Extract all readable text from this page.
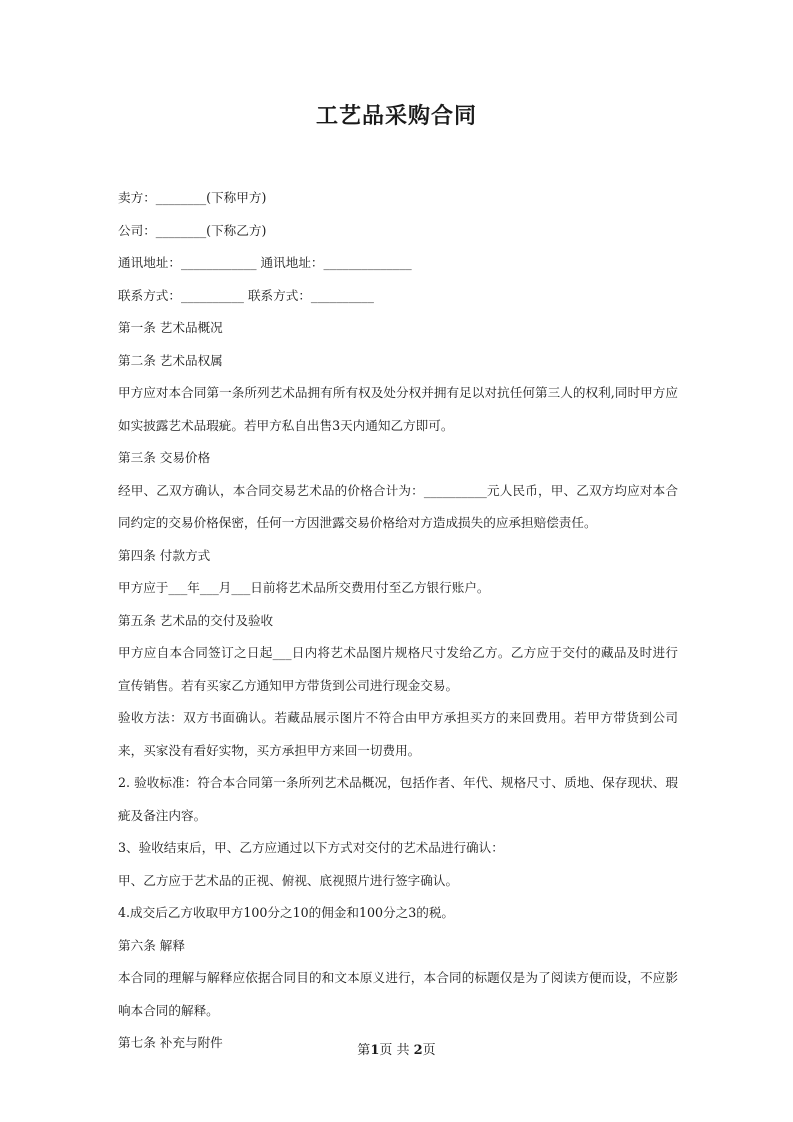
工艺品采购合同

卖方：________(下称甲方)

公司：________(下称乙方)

通讯地址：____________ 通讯地址：______________

联系方式：__________ 联系方式：__________

第一条 艺术品概况

第二条 艺术品权属

甲方应对本合同第一条所列艺术品拥有所有权及处分权并拥有足以对抗任何第三人的权利,同时甲方应如实披露艺术品瑕疵。若甲方私自出售3天内通知乙方即可。

第三条 交易价格

经甲、乙双方确认，本合同交易艺术品的价格合计为：__________元人民币，甲、乙双方均应对本合同约定的交易价格保密，任何一方因泄露交易价格给对方造成损失的应承担赔偿责任。

第四条 付款方式

甲方应于___年___月___日前将艺术品所交费用付至乙方银行账户。

第五条 艺术品的交付及验收

甲方应自本合同签订之日起___日内将艺术品图片规格尺寸发给乙方。乙方应于交付的藏品及时进行宣传销售。若有买家乙方通知甲方带货到公司进行现金交易。

验收方法：双方书面确认。若藏品展示图片不符合由甲方承担买方的来回费用。若甲方带货到公司来，买家没有看好实物，买方承担甲方来回一切费用。

2. 验收标准：符合本合同第一条所列艺术品概况，包括作者、年代、规格尺寸、质地、保存现状、瑕疵及备注内容。

3、验收结束后，甲、乙方应通过以下方式对交付的艺术品进行确认：

甲、乙方应于艺术品的正视、俯视、底视照片进行签字确认。

4.成交后乙方收取甲方100分之10的佣金和100分之3的税。

第六条 解释

本合同的理解与解释应依据合同目的和文本原义进行，本合同的标题仅是为了阅读方便而设，不应影响本合同的解释。

第七条 补充与附件

第1页 共 2页
